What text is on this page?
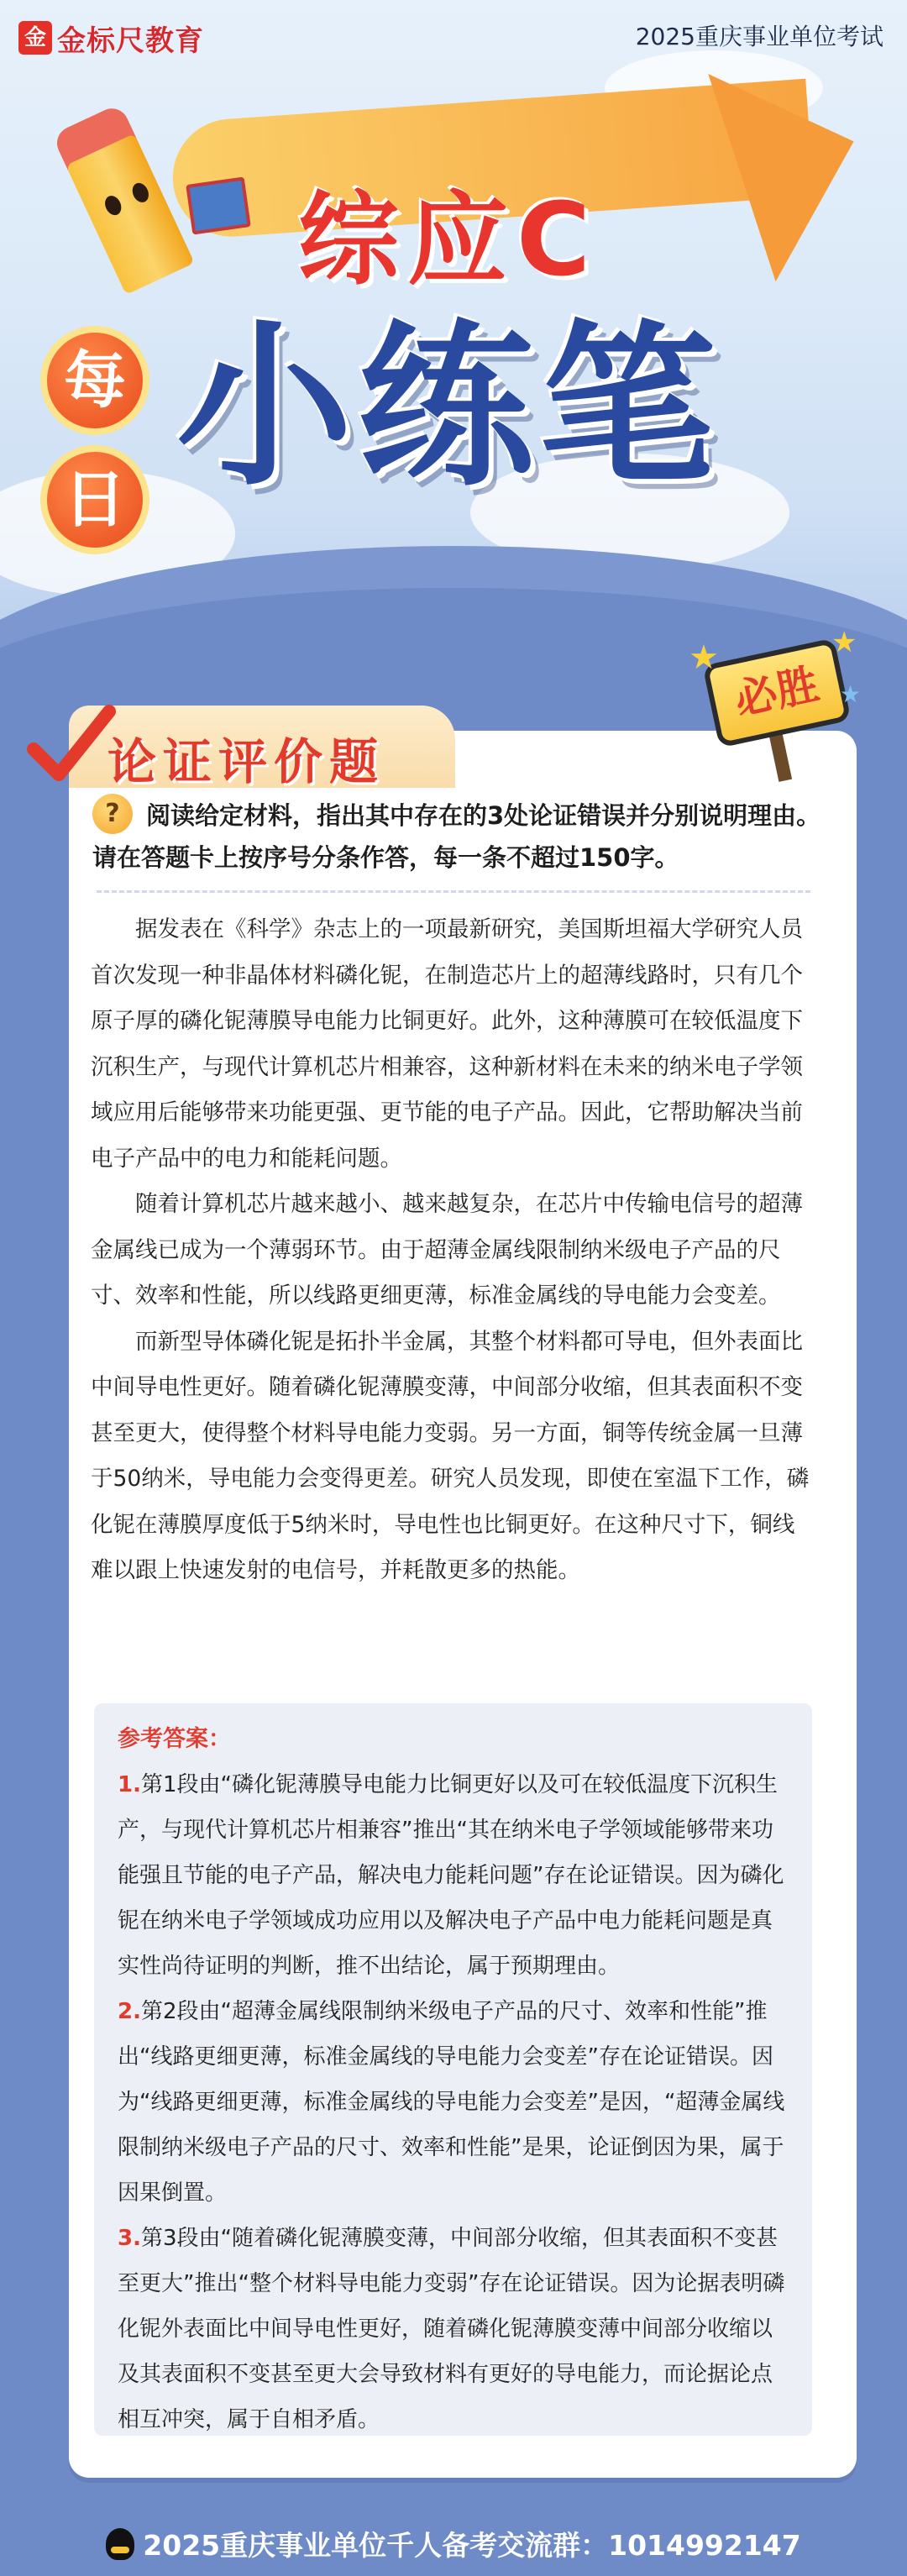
金 金标尺教育	2025重庆事业单位考试
综应C
每
日 小练笔
论证评价题
必胜
★	★
★
?	阅读给定材料，指出其中存在的3处论证错误并分别说明理由。请在答题卡上按序号分条作答，每一条不超过150字。

据发表在《科学》杂志上的一项最新研究，美国斯坦福大学研究人员首次发现一种非晶体材料磷化铌，在制造芯片上的超薄线路时，只有几个原子厚的磷化铌薄膜导电能力比铜更好。此外，这种薄膜可在较低温度下沉积生产，与现代计算机芯片相兼容，这种新材料在未来的纳米电子学领域应用后能够带来功能更强、更节能的电子产品。因此，它帮助解决当前电子产品中的电力和能耗问题。

随着计算机芯片越来越小、越来越复杂，在芯片中传输电信号的超薄金属线已成为一个薄弱环节。由于超薄金属线限制纳米级电子产品的尺寸、效率和性能，所以线路更细更薄，标准金属线的导电能力会变差。

而新型导体磷化铌是拓扑半金属，其整个材料都可导电，但外表面比中间导电性更好。随着磷化铌薄膜变薄，中间部分收缩，但其表面积不变甚至更大，使得整个材料导电能力变弱。另一方面，铜等传统金属一旦薄于50纳米，导电能力会变得更差。研究人员发现，即使在室温下工作，磷化铌在薄膜厚度低于5纳米时，导电性也比铜更好。在这种尺寸下，铜线难以跟上快速发射的电信号，并耗散更多的热能。

参考答案：
1.第1段由“磷化铌薄膜导电能力比铜更好以及可在较低温度下沉积生产，与现代计算机芯片相兼容”推出“其在纳米电子学领域能够带来功能强且节能的电子产品，解决电力能耗问题”存在论证错误。因为磷化铌在纳米电子学领域成功应用以及解决电子产品中电力能耗问题是真实性尚待证明的判断，推不出结论，属于预期理由。
2.第2段由“超薄金属线限制纳米级电子产品的尺寸、效率和性能”推出“线路更细更薄，标准金属线的导电能力会变差”存在论证错误。因为“线路更细更薄，标准金属线的导电能力会变差”是因，“超薄金属线限制纳米级电子产品的尺寸、效率和性能”是果，论证倒因为果，属于因果倒置。
3.第3段由“随着磷化铌薄膜变薄，中间部分收缩，但其表面积不变甚至更大”推出“整个材料导电能力变弱”存在论证错误。因为论据表明磷化铌外表面比中间导电性更好，随着磷化铌薄膜变薄中间部分收缩以及其表面积不变甚至更大会导致材料有更好的导电能力，而论据论点相互冲突，属于自相矛盾。
2025重庆事业单位千人备考交流群：1014992147
